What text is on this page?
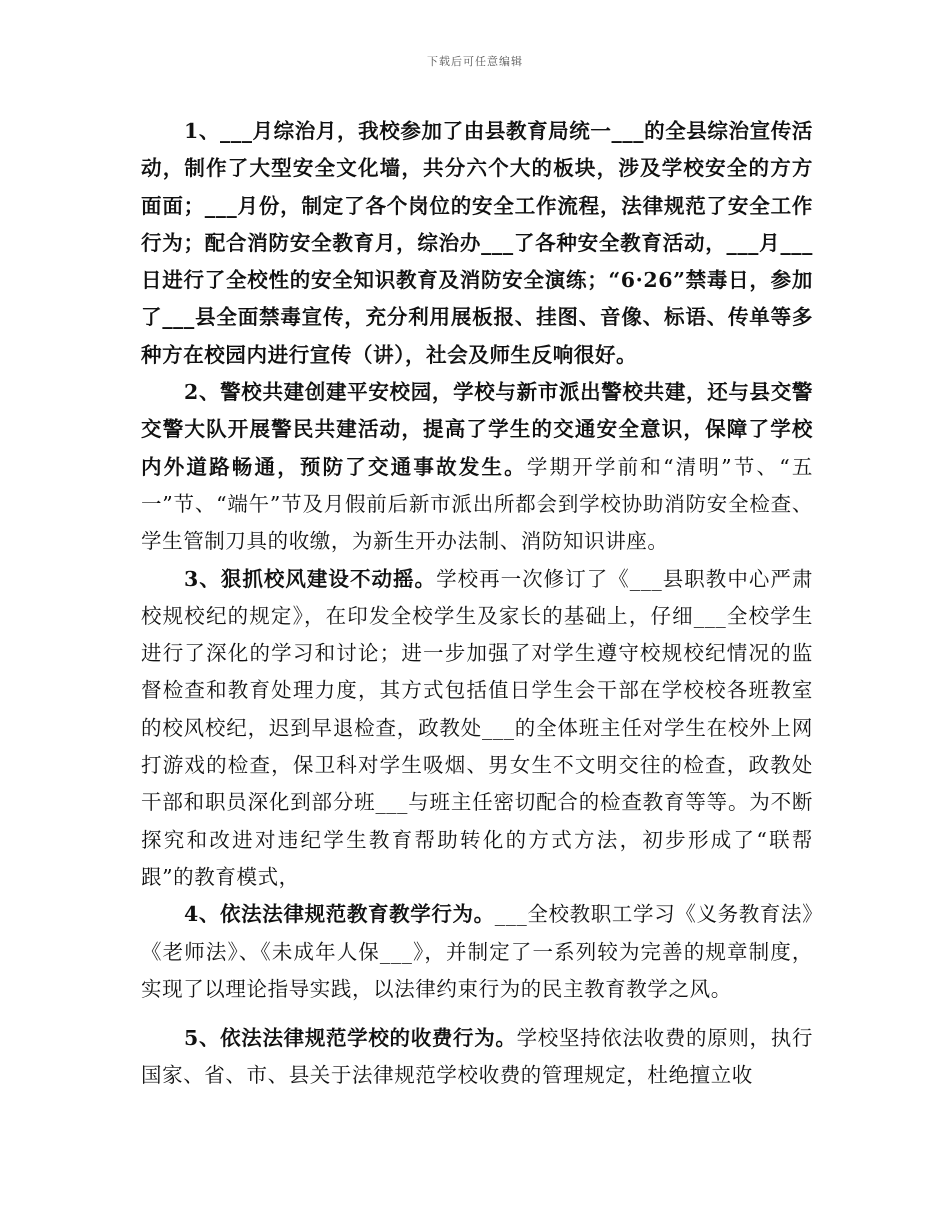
下载后可任意编辑

1、___月综治月，我校参加了由县教育局统一___的全县综治宣传活动，制作了大型安全文化墙，共分六个大的板块，涉及学校安全的方方面面；___月份，制定了各个岗位的安全工作流程，法律规范了安全工作行为；配合消防安全教育月，综治办___了各种安全教育活动，___月___日进行了全校性的安全知识教育及消防安全演练；“6·26”禁毒日，参加了___县全面禁毒宣传，充分利用展板报、挂图、音像、标语、传单等多种方在校园内进行宣传（讲），社会及师生反响很好。

2、警校共建创建平安校园，学校与新市派出警校共建，还与县交警交警大队开展警民共建活动，提高了学生的交通安全意识，保障了学校内外道路畅通，预防了交通事故发生。学期开学前和“清明”节、“五一”节、“端午”节及月假前后新市派出所都会到学校协助消防安全检查、学生管制刀具的收缴，为新生开办法制、消防知识讲座。

3、狠抓校风建设不动摇。学校再一次修订了《___县职教中心严肃校规校纪的规定》，在印发全校学生及家长的基础上，仔细___全校学生进行了深化的学习和讨论；进一步加强了对学生遵守校规校纪情况的监督检查和教育处理力度，其方式包括值日学生会干部在学校校各班教室的校风校纪，迟到早退检查，政教处___的全体班主任对学生在校外上网打游戏的检查，保卫科对学生吸烟、男女生不文明交往的检查，政教处干部和职员深化到部分班___与班主任密切配合的检查教育等等。为不断探究和改进对违纪学生教育帮助转化的方式方法，初步形成了“联帮跟”的教育模式，

4、依法法律规范教育教学行为。___全校教职工学习《义务教育法》《老师法》、《未成年人保___》，并制定了一系列较为完善的规章制度，实现了以理论指导实践，以法律约束行为的民主教育教学之风。

5、依法法律规范学校的收费行为。学校坚持依法收费的原则，执行国家、省、市、县关于法律规范学校收费的管理规定，杜绝擅立收
